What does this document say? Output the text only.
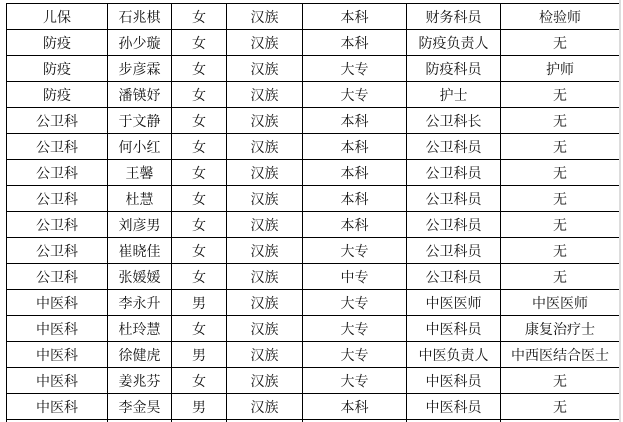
儿保	石兆棋	女	汉族	本科	财务科员	检验师
防疫	孙少璇	女	汉族	本科	防疫负责人	无
防疫	步彦霖	女	汉族	大专	防疫科员	护师
防疫	潘锳妤	女	汉族	大专	护士	无
公卫科	于文静	女	汉族	本科	公卫科长	无
公卫科	何小红	女	汉族	本科	公卫科员	无
公卫科	王馨	女	汉族	本科	公卫科员	无
公卫科	杜慧	女	汉族	本科	公卫科员	无
公卫科	刘彦男	女	汉族	本科	公卫科员	无
公卫科	崔晓佳	女	汉族	大专	公卫科员	无
公卫科	张媛媛	女	汉族	中专	公卫科员	无
中医科	李永升	男	汉族	大专	中医医师	中医医师
中医科	杜玲慧	女	汉族	大专	中医科员	康复治疗士
中医科	徐健虎	男	汉族	大专	中医负责人	中西医结合医士
中医科	姜兆芬	女	汉族	大专	中医科员	无
中医科	李金昊	男	汉族	本科	中医科员	无
